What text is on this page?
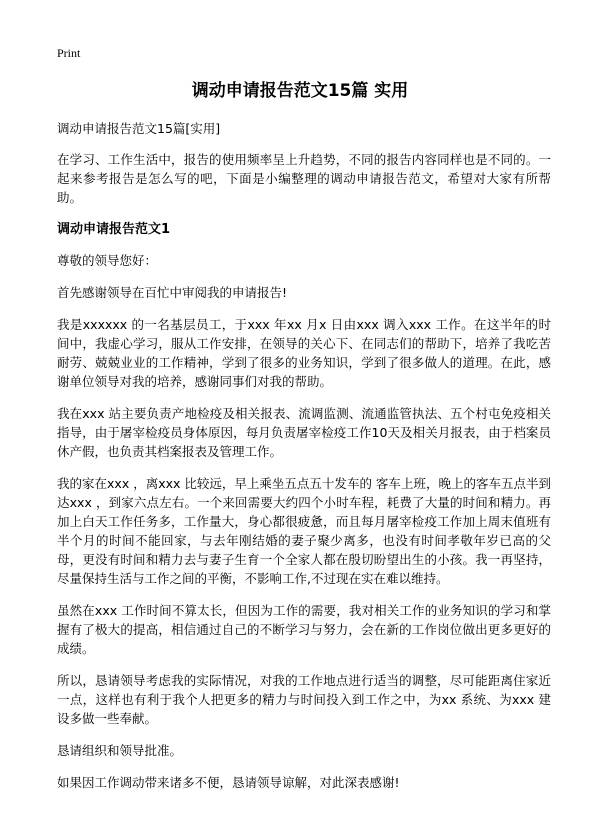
Print
调动申请报告范文15篇 实用

调动申请报告范文15篇[实用]

在学习、工作生活中，报告的使用频率呈上升趋势，不同的报告内容同样也是不同的。一起来参考报告是怎么写的吧，下面是小编整理的调动申请报告范文，希望对大家有所帮助。

调动申请报告范文1

尊敬的领导您好：

首先感谢领导在百忙中审阅我的申请报告!

我是xxxxxx 的一名基层员工，于xxx 年xx 月x 日由xxx 调入xxx 工作。在这半年的时间中，我虚心学习，服从工作安排，在领导的关心下、在同志们的帮助下，培养了我吃苦耐劳、兢兢业业的工作精神，学到了很多的业务知识，学到了很多做人的道理。在此，感谢单位领导对我的培养，感谢同事们对我的帮助。

我在xxx 站主要负责产地检疫及相关报表、流调监测、流通监管执法、五个村屯免疫相关指导，由于屠宰检疫员身体原因，每月负责屠宰检疫工作10天及相关月报表，由于档案员休产假，也负责其档案报表及管理工作。

我的家在xxx ，离xxx 比较远，早上乘坐五点五十发车的 客车上班，晚上的客车五点半到达xxx ，到家六点左右。一个来回需要大约四个小时车程，耗费了大量的时间和精力。再加上白天工作任务多，工作量大，身心都很疲惫，而且每月屠宰检疫工作加上周末值班有半个月的时间不能回家，与去年刚结婚的妻子聚少离多，也没有时间孝敬年岁已高的父母，更没有时间和精力去与妻子生育一个全家人都在殷切盼望出生的小孩。我一再坚持，尽量保持生活与工作之间的平衡，不影响工作,不过现在实在难以维持。

虽然在xxx 工作时间不算太长，但因为工作的需要，我对相关工作的业务知识的学习和掌握有了极大的提高，相信通过自己的不断学习与努力，会在新的工作岗位做出更多更好的成绩。

所以，恳请领导考虑我的实际情况，对我的工作地点进行适当的调整，尽可能距离住家近一点，这样也有利于我个人把更多的精力与时间投入到工作之中，为xx 系统、为xxx 建设多做一些奉献。

恳请组织和领导批准。

如果因工作调动带来诸多不便，恳请领导谅解，对此深表感谢!
